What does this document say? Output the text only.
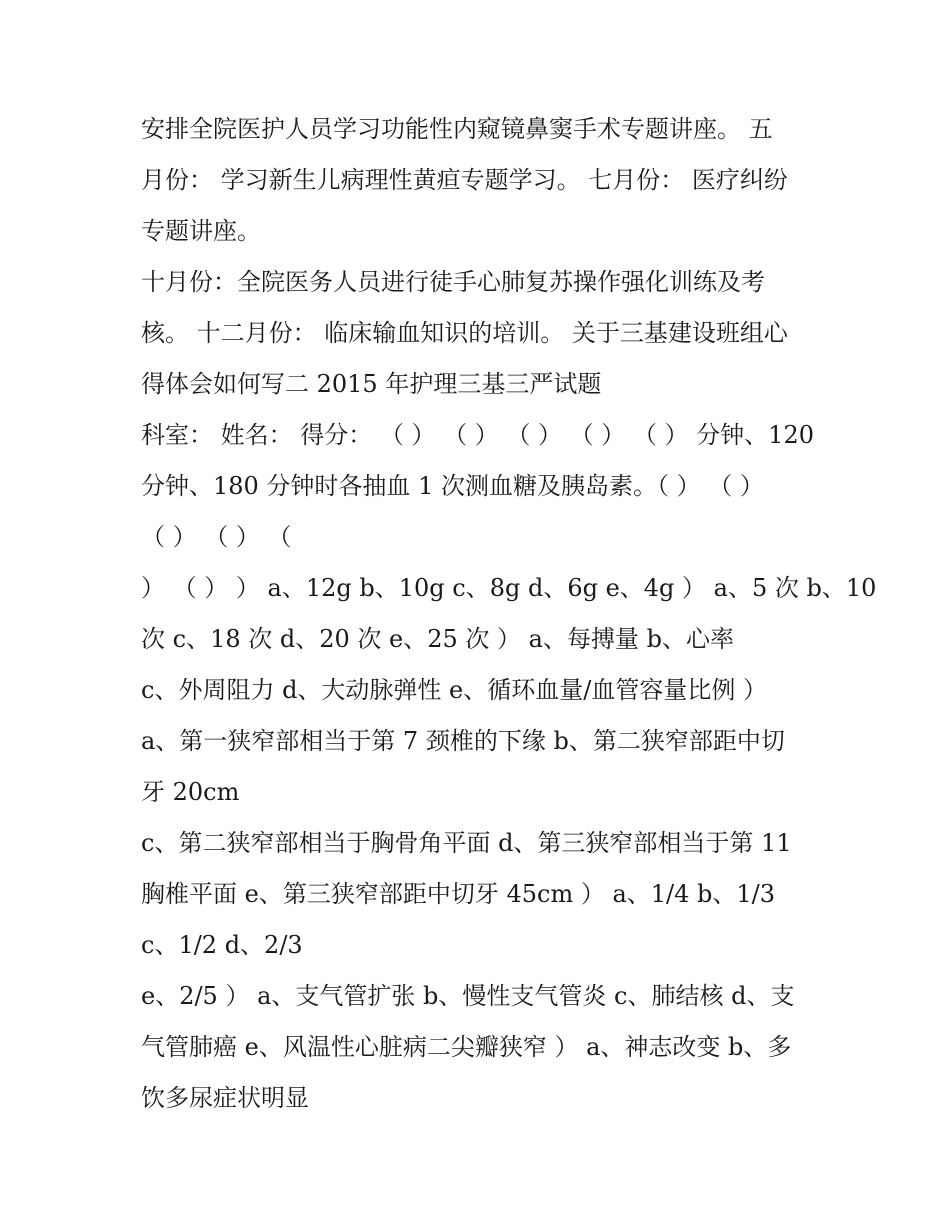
安排全院医护人员学习功能性内窥镜鼻窦手术专题讲座。 五
月份： 学习新生儿病理性黄疸专题学习。 七月份： 医疗纠纷
专题讲座。
十月份：全院医务人员进行徒手心肺复苏操作强化训练及考
核。 十二月份： 临床输血知识的培训。 关于三基建设班组心
得体会如何写二 2015 年护理三基三严试题
科室： 姓名： 得分： （ ） （ ） （ ） （ ） （ ） 分钟、120
分钟、180 分钟时各抽血 1 次测血糖及胰岛素。（ ） （ ）
（ ） （ ） （
） （ ） ） a、12g b、10g c、8g d、6g e、4g ） a、5 次 b、10
次 c、18 次 d、20 次 e、25 次 ） a、每搏量 b、心率
c、外周阻力 d、大动脉弹性 e、循环血量/血管容量比例 ）
a、第一狭窄部相当于第 7 颈椎的下缘 b、第二狭窄部距中切
牙 20cm
c、第二狭窄部相当于胸骨角平面 d、第三狭窄部相当于第 11
胸椎平面 e、第三狭窄部距中切牙 45cm ） a、1/4 b、1/3
c、1/2 d、2/3
e、2/5 ） a、支气管扩张 b、慢性支气管炎 c、肺结核 d、支
气管肺癌 e、风温性心脏病二尖瓣狭窄 ） a、神志改变 b、多
饮多尿症状明显
